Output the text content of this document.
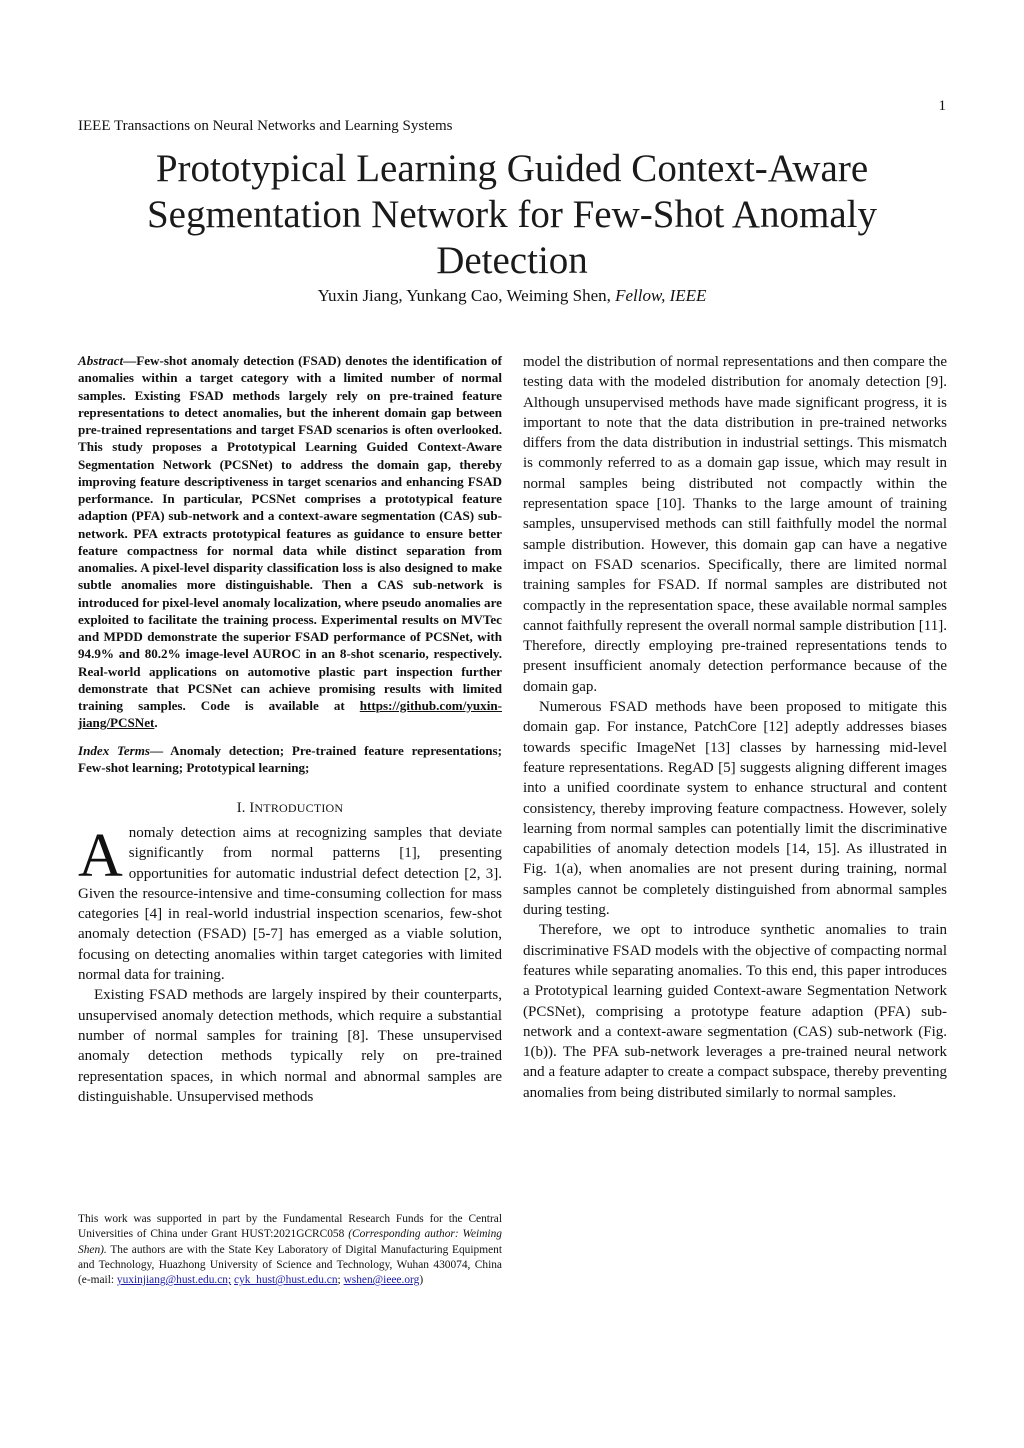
1
IEEE Transactions on Neural Networks and Learning Systems
Prototypical Learning Guided Context-Aware Segmentation Network for Few-Shot Anomaly Detection
Yuxin Jiang, Yunkang Cao, Weiming Shen, Fellow, IEEE

Abstract—Few-shot anomaly detection (FSAD) denotes the identification of anomalies within a target category with a limited number of normal samples. Existing FSAD methods largely rely on pre-trained feature representations to detect anomalies, but the inherent domain gap between pre-trained representations and target FSAD scenarios is often overlooked. This study proposes a Prototypical Learning Guided Context-Aware Segmentation Network (PCSNet) to address the domain gap, thereby improving feature descriptiveness in target scenarios and enhancing FSAD performance. In particular, PCSNet comprises a prototypical feature adaption (PFA) sub-network and a context-aware segmentation (CAS) sub-network. PFA extracts prototypical features as guidance to ensure better feature compactness for normal data while distinct separation from anomalies. A pixel-level disparity classification loss is also designed to make subtle anomalies more distinguishable. Then a CAS sub-network is introduced for pixel-level anomaly localization, where pseudo anomalies are exploited to facilitate the training process. Experimental results on MVTec and MPDD demonstrate the superior FSAD performance of PCSNet, with 94.9% and 80.2% image-level AUROC in an 8-shot scenario, respectively. Real-world applications on automotive plastic part inspection further demonstrate that PCSNet can achieve promising results with limited training samples. Code is available at https://github.com/yuxin-jiang/PCSNet.

Index Terms— Anomaly detection; Pre-trained feature representations; Few-shot learning; Prototypical learning;

I. INTRODUCTION

Anomaly detection aims at recognizing samples that deviate significantly from normal patterns [1], presenting opportunities for automatic industrial defect detection [2, 3]. Given the resource-intensive and time-consuming collection for mass categories [4] in real-world industrial inspection scenarios, few-shot anomaly detection (FSAD) [5-7] has emerged as a viable solution, focusing on detecting anomalies within target categories with limited normal data for training.

Existing FSAD methods are largely inspired by their counterparts, unsupervised anomaly detection methods, which require a substantial number of normal samples for training [8]. These unsupervised anomaly detection methods typically rely on pre-trained representation spaces, in which normal and abnormal samples are distinguishable. Unsupervised methods

model the distribution of normal representations and then compare the testing data with the modeled distribution for anomaly detection [9]. Although unsupervised methods have made significant progress, it is important to note that the data distribution in pre-trained networks differs from the data distribution in industrial settings. This mismatch is commonly referred to as a domain gap issue, which may result in normal samples being distributed not compactly within the representation space [10]. Thanks to the large amount of training samples, unsupervised methods can still faithfully model the normal sample distribution. However, this domain gap can have a negative impact on FSAD scenarios. Specifically, there are limited normal training samples for FSAD. If normal samples are distributed not compactly in the representation space, these available normal samples cannot faithfully represent the overall normal sample distribution [11]. Therefore, directly employing pre-trained representations tends to present insufficient anomaly detection performance because of the domain gap.

Numerous FSAD methods have been proposed to mitigate this domain gap. For instance, PatchCore [12] adeptly addresses biases towards specific ImageNet [13] classes by harnessing mid-level feature representations. RegAD [5] suggests aligning different images into a unified coordinate system to enhance structural and content consistency, thereby improving feature compactness. However, solely learning from normal samples can potentially limit the discriminative capabilities of anomaly detection models [14, 15]. As illustrated in Fig. 1(a), when anomalies are not present during training, normal samples cannot be completely distinguished from abnormal samples during testing.

Therefore, we opt to introduce synthetic anomalies to train discriminative FSAD models with the objective of compacting normal features while separating anomalies. To this end, this paper introduces a Prototypical learning guided Context-aware Segmentation Network (PCSNet), comprising a prototype feature adaption (PFA) sub-network and a context-aware segmentation (CAS) sub-network (Fig. 1(b)). The PFA sub-network leverages a pre-trained neural network and a feature adapter to create a compact subspace, thereby preventing anomalies from being distributed similarly to normal samples.

This work was supported in part by the Fundamental Research Funds for the Central Universities of China under Grant HUST:2021GCRC058 (Corresponding author: Weiming Shen). The authors are with the State Key Laboratory of Digital Manufacturing Equipment and Technology, Huazhong University of Science and Technology, Wuhan 430074, China (e-mail: yuxinjiang@hust.edu.cn; cyk_hust@hust.edu.cn; wshen@ieee.org)
